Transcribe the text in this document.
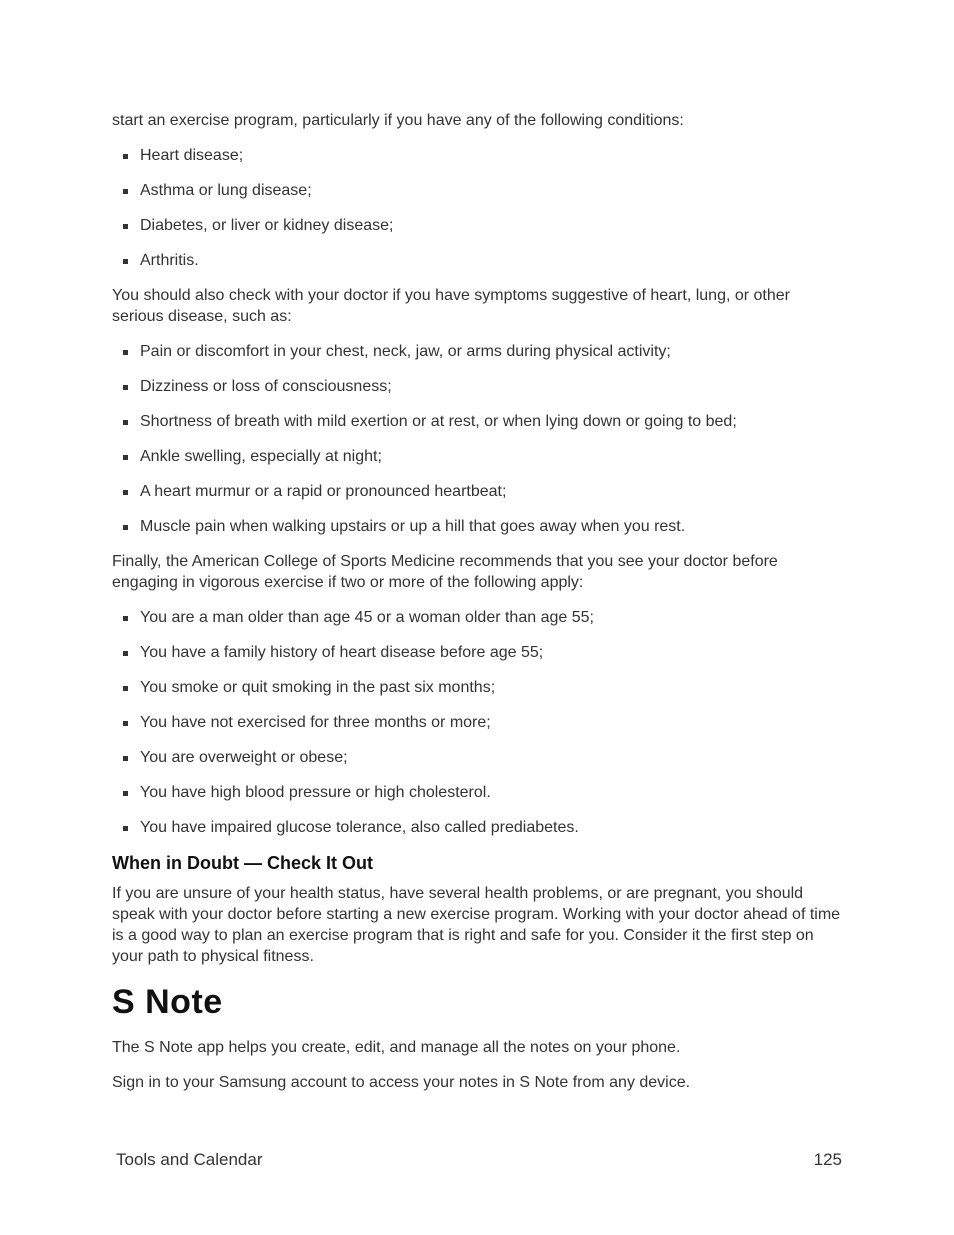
start an exercise program, particularly if you have any of the following conditions:

Heart disease;
Asthma or lung disease;
Diabetes, or liver or kidney disease;
Arthritis.

You should also check with your doctor if you have symptoms suggestive of heart, lung, or other serious disease, such as:

Pain or discomfort in your chest, neck, jaw, or arms during physical activity;
Dizziness or loss of consciousness;
Shortness of breath with mild exertion or at rest, or when lying down or going to bed;
Ankle swelling, especially at night;
A heart murmur or a rapid or pronounced heartbeat;
Muscle pain when walking upstairs or up a hill that goes away when you rest.

Finally, the American College of Sports Medicine recommends that you see your doctor before engaging in vigorous exercise if two or more of the following apply:

You are a man older than age 45 or a woman older than age 55;
You have a family history of heart disease before age 55;
You smoke or quit smoking in the past six months;
You have not exercised for three months or more;
You are overweight or obese;
You have high blood pressure or high cholesterol.
You have impaired glucose tolerance, also called prediabetes.
When in Doubt — Check It Out

If you are unsure of your health status, have several health problems, or are pregnant, you should speak with your doctor before starting a new exercise program. Working with your doctor ahead of time is a good way to plan an exercise program that is right and safe for you. Consider it the first step on your path to physical fitness.

S Note

The S Note app helps you create, edit, and manage all the notes on your phone.

Sign in to your Samsung account to access your notes in S Note from any device.

Tools and Calendar	125
